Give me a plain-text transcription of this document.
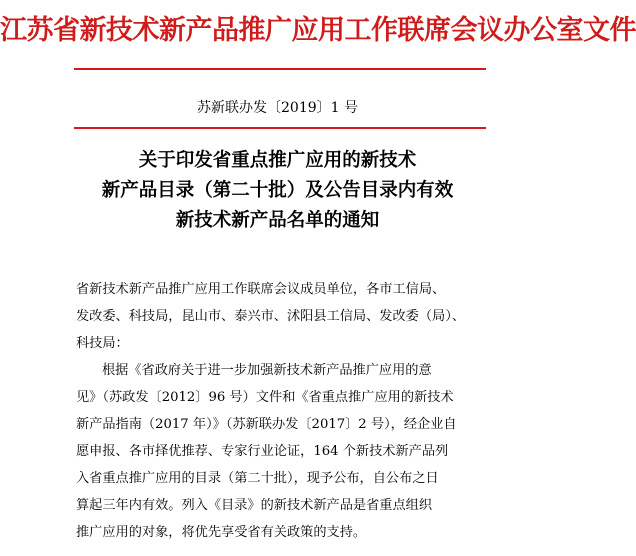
江苏省新技术新产品推广应用工作联席会议办公室文件
苏新联办发〔2019〕1 号
关于印发省重点推广应用的新技术
新产品目录（第二十批）及公告目录内有效
新技术新产品名单的通知
省新技术新产品推广应用工作联席会议成员单位，各市工信局、
发改委、科技局，昆山市、泰兴市、沭阳县工信局、发改委（局）、
科技局：
根据《省政府关于进一步加强新技术新产品推广应用的意
见》（苏政发〔2012〕96 号）文件和《省重点推广应用的新技术
新产品指南（2017 年）》（苏新联办发〔2017〕2 号），经企业自
愿申报、各市择优推荐、专家行业论证，164 个新技术新产品列
入省重点推广应用的目录（第二十批），现予公布，自公布之日
算起三年内有效。列入《目录》的新技术新产品是省重点组织
推广应用的对象，将优先享受省有关政策的支持。
